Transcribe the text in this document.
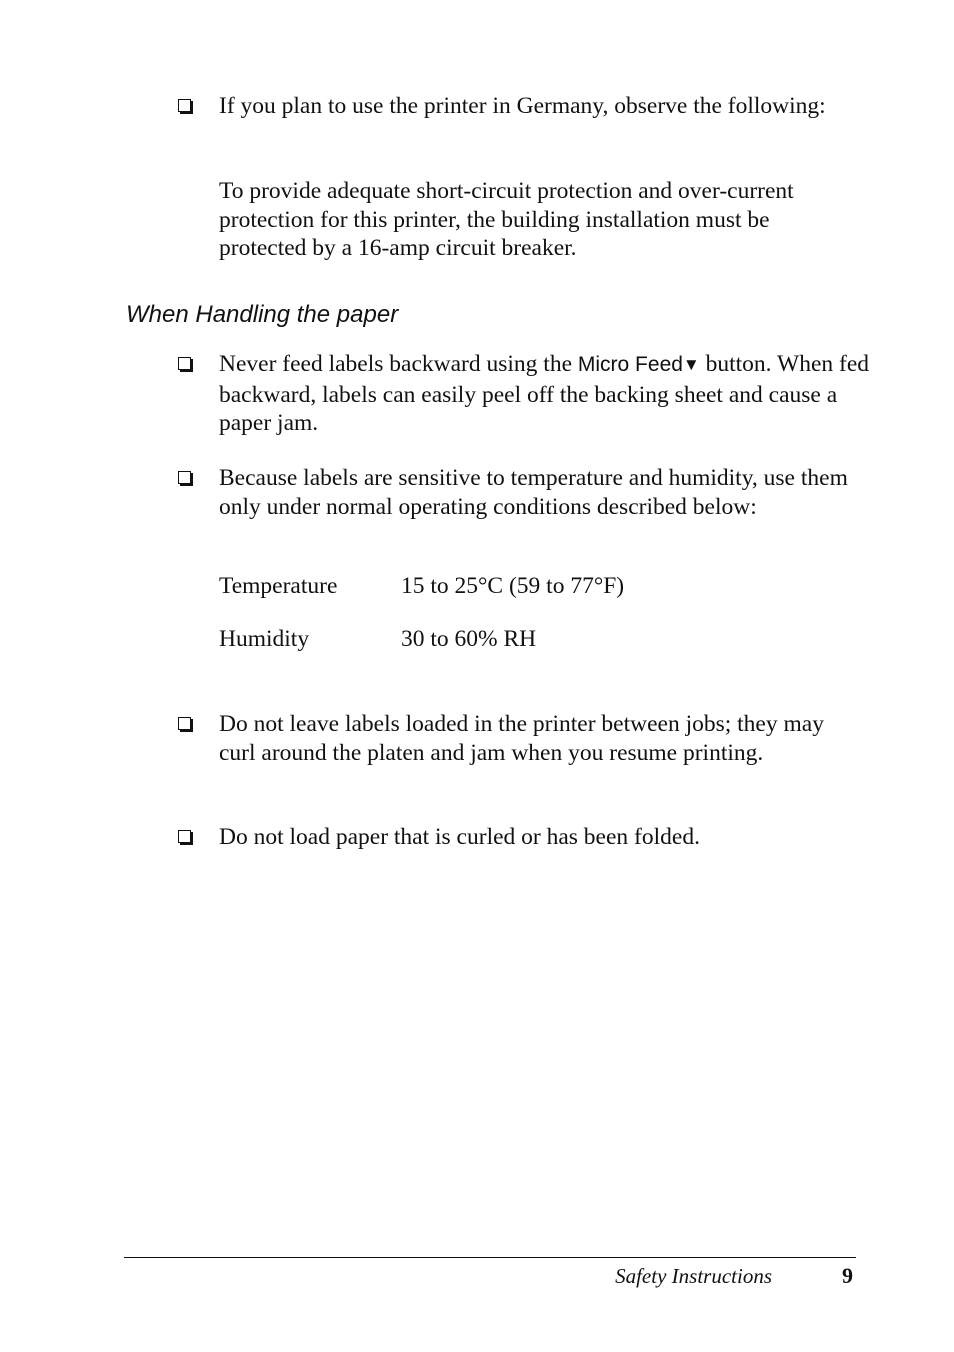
If you plan to use the printer in Germany, observe the following:
To provide adequate short-circuit protection and over-current protection for this printer, the building installation must be protected by a 16-amp circuit breaker.
When Handling the paper
Never feed labels backward using the Micro Feed▼ button. When fed backward, labels can easily peel off the backing sheet and cause a paper jam.
Because labels are sensitive to temperature and humidity, use them only under normal operating conditions described below:
Temperature	15 to 25°C (59 to 77°F)
Humidity	30 to 60% RH
Do not leave labels loaded in the printer between jobs; they may curl around the platen and jam when you resume printing.
Do not load paper that is curled or has been folded.
Safety Instructions	9
